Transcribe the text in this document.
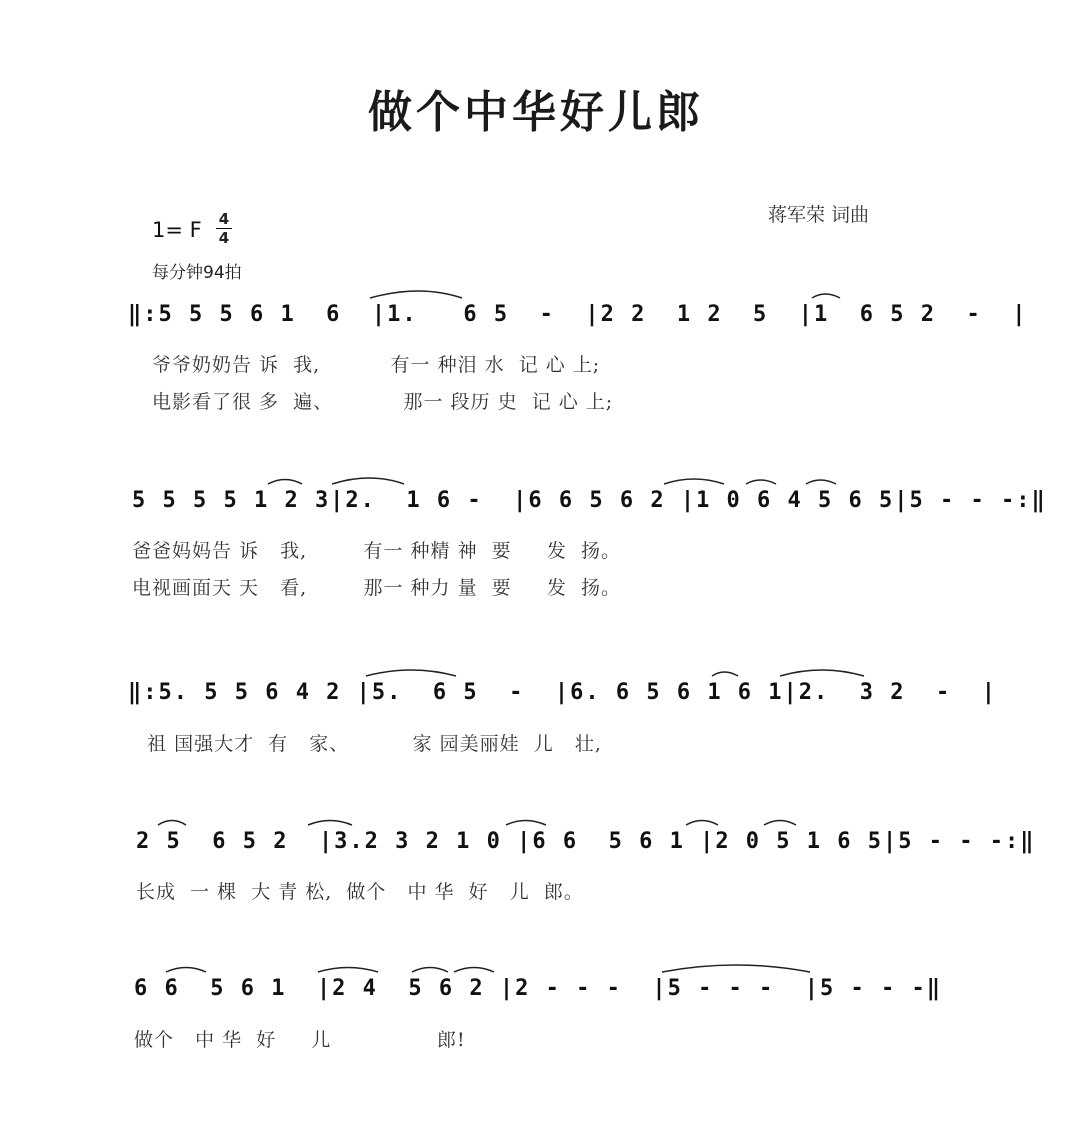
做个中华好儿郎
蒋军荣 词曲
1= F 4
4
每分钟94拍
‖:5 5 5 6 1  6  |1.   6 5  -  |2 2  1 2  5  |1  6 5 2  -  |
爷爷奶奶告 诉  我,          有一 种泪 水  记 心 上;
电影看了很 多  遍、          那一 段历 史  记 心 上;
5 5 5 5 1 2 3|2.  1 6 -  |6 6 5 6 2 |1 0 6 4 5 6 5|5 - - -:‖
爸爸妈妈告 诉   我,        有一 种精 神  要     发  扬。
电视画面天 天   看,        那一 种力 量  要     发  扬。
‖:5. 5 5 6 4 2 |5.  6 5  -  |6. 6 5 6 1 6 1|2.  3 2  -  |
祖 国强大才  有   家、         家 园美丽娃  儿   壮,
2 5  6 5 2  |3.2 3 2 1 0 |6 6  5 6 1 |2 0 5 1 6 5|5 - - -:‖
长成  一 棵  大 青 松,  做个   中 华  好   儿  郎。
6 6  5 6 1  |2 4  5 6 2 |2 - - -  |5 - - -  |5 - - -‖
做个   中 华  好     儿               郎!
